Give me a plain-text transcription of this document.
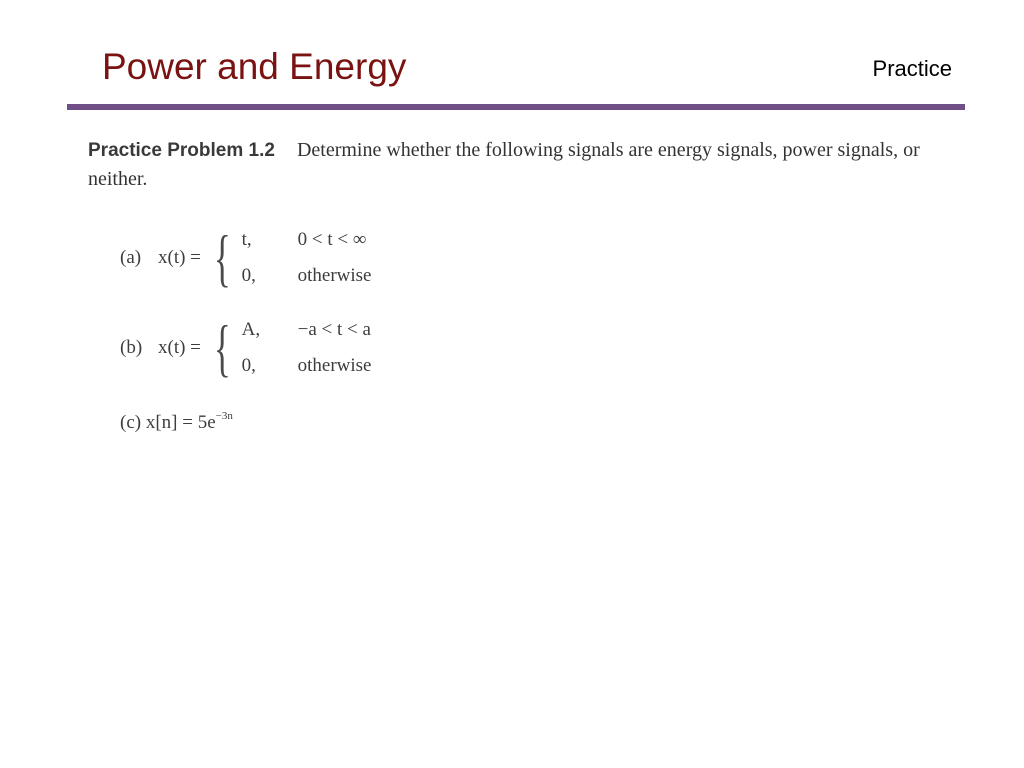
Power and Energy	Practice
Practice Problem 1.2 Determine whether the following signals are energy signals, power signals, or neither.
(a) x(t) = { t,	0 < t < ∞
0,	otherwise
(b) x(t) = { A,	−a < t < a
0,	otherwise
(c) $x[n] = 5e^{-3n}$
